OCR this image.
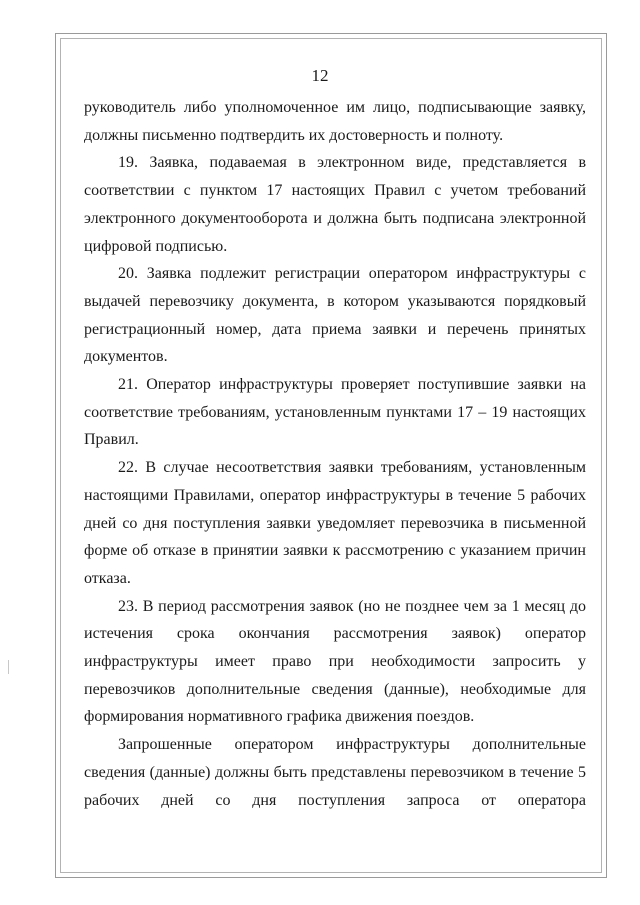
12

руководитель либо уполномоченное им лицо, подписывающие заявку, должны письменно подтвердить их достоверность и полноту.

19. Заявка, подаваемая в электронном виде, представляется в соответствии с пунктом 17 настоящих Правил с учетом требований электронного документооборота и должна быть подписана электронной цифровой подписью.

20. Заявка подлежит регистрации оператором инфраструктуры с выдачей перевозчику документа, в котором указываются порядковый регистрационный номер, дата приема заявки и перечень принятых документов.

21. Оператор инфраструктуры проверяет поступившие заявки на соответствие требованиям, установленным пунктами 17 – 19 настоящих Правил.

22. В случае несоответствия заявки требованиям, установленным настоящими Правилами, оператор инфраструктуры в течение 5 рабочих дней со дня поступления заявки уведомляет перевозчика в письменной форме об отказе в принятии заявки к рассмотрению с указанием причин отказа.

23. В период рассмотрения заявок (но не позднее чем за 1 месяц до истечения срока окончания рассмотрения заявок) оператор инфраструктуры имеет право при необходимости запросить у перевозчиков дополнительные сведения (данные), необходимые для формирования нормативного графика движения поездов.

Запрошенные оператором инфраструктуры дополнительные сведения (данные) должны быть представлены перевозчиком в течение 5 рабочих дней со дня поступления запроса от оператора
